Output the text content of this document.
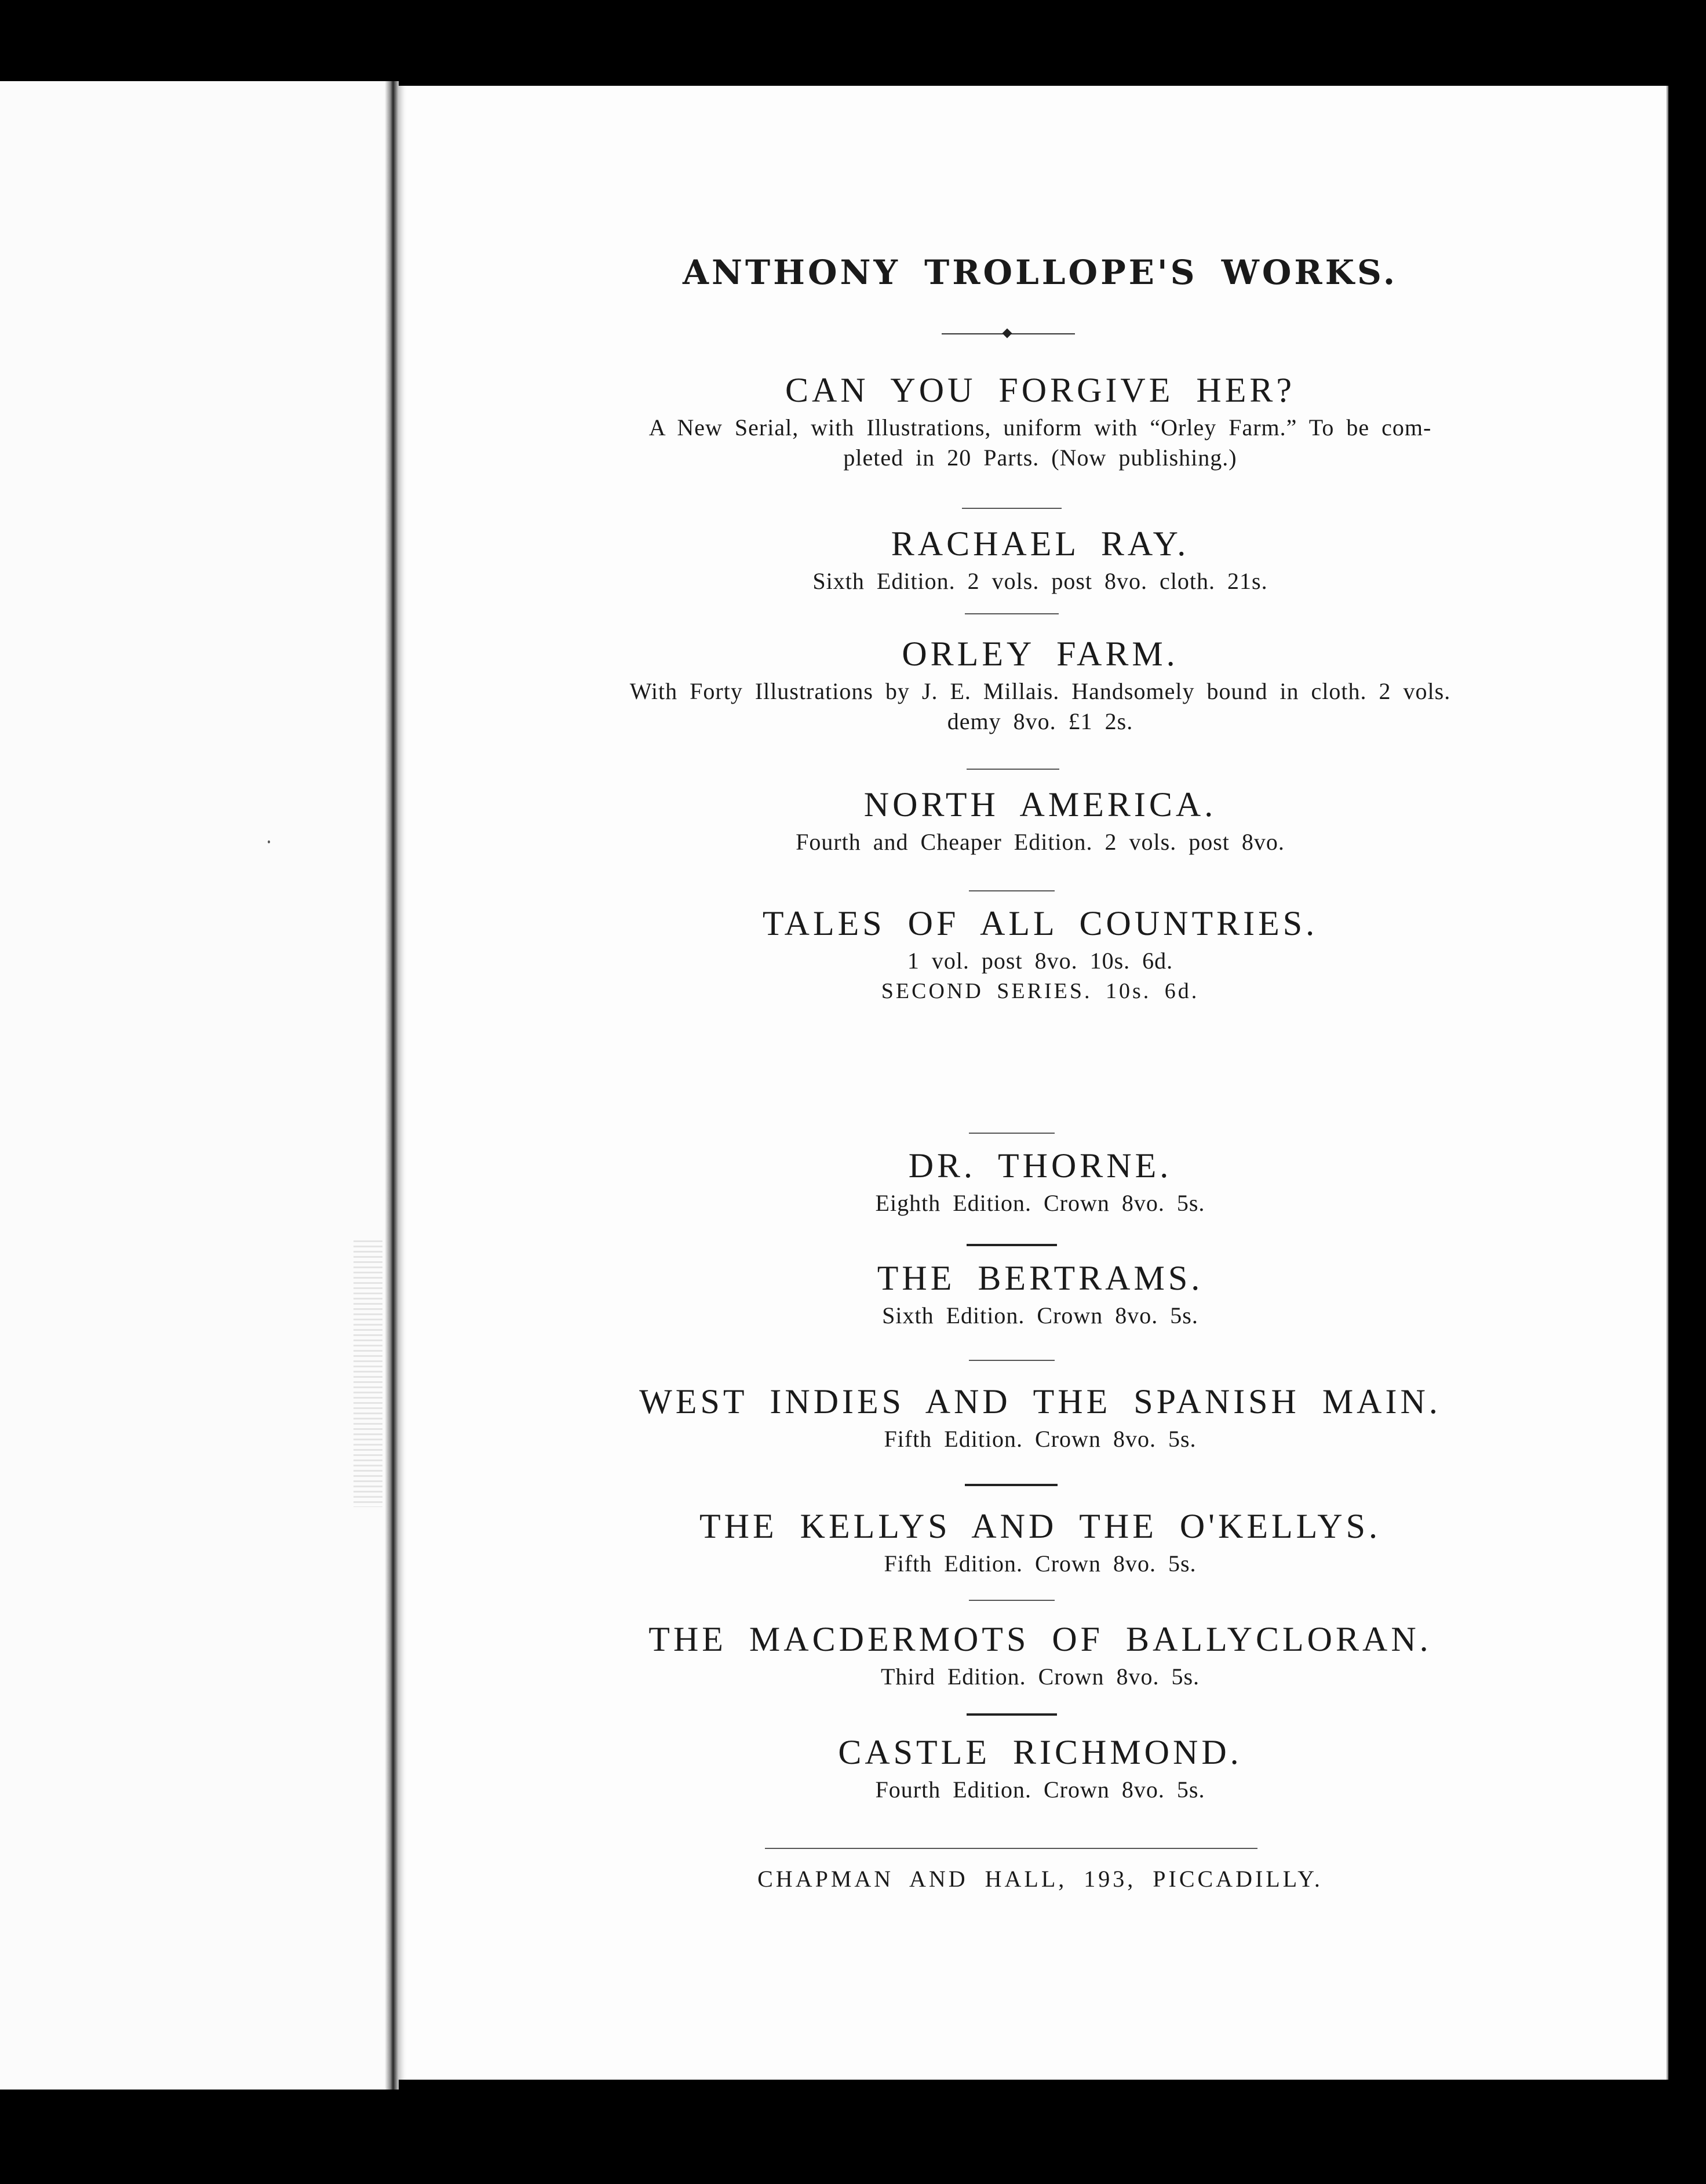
ANTHONY TROLLOPE'S WORKS.
CAN YOU FORGIVE HER?
A New Serial, with Illustrations, uniform with “Orley Farm.” To be com-
pleted in 20 Parts. (Now publishing.)
RACHAEL RAY.
Sixth Edition. 2 vols. post 8vo. cloth. 21s.
ORLEY FARM.
With Forty Illustrations by J. E. Millais. Handsomely bound in cloth. 2 vols.
demy 8vo. £1 2s.
NORTH AMERICA.
Fourth and Cheaper Edition. 2 vols. post 8vo.
TALES OF ALL COUNTRIES.
1 vol. post 8vo. 10s. 6d.
SECOND SERIES. 10s. 6d.
DR. THORNE.
Eighth Edition. Crown 8vo. 5s.
THE BERTRAMS.
Sixth Edition. Crown 8vo. 5s.
WEST INDIES AND THE SPANISH MAIN.
Fifth Edition. Crown 8vo. 5s.
THE KELLYS AND THE O'KELLYS.
Fifth Edition. Crown 8vo. 5s.
THE MACDERMOTS OF BALLYCLORAN.
Third Edition. Crown 8vo. 5s.
CASTLE RICHMOND.
Fourth Edition. Crown 8vo. 5s.
CHAPMAN AND HALL, 193, PICCADILLY.
